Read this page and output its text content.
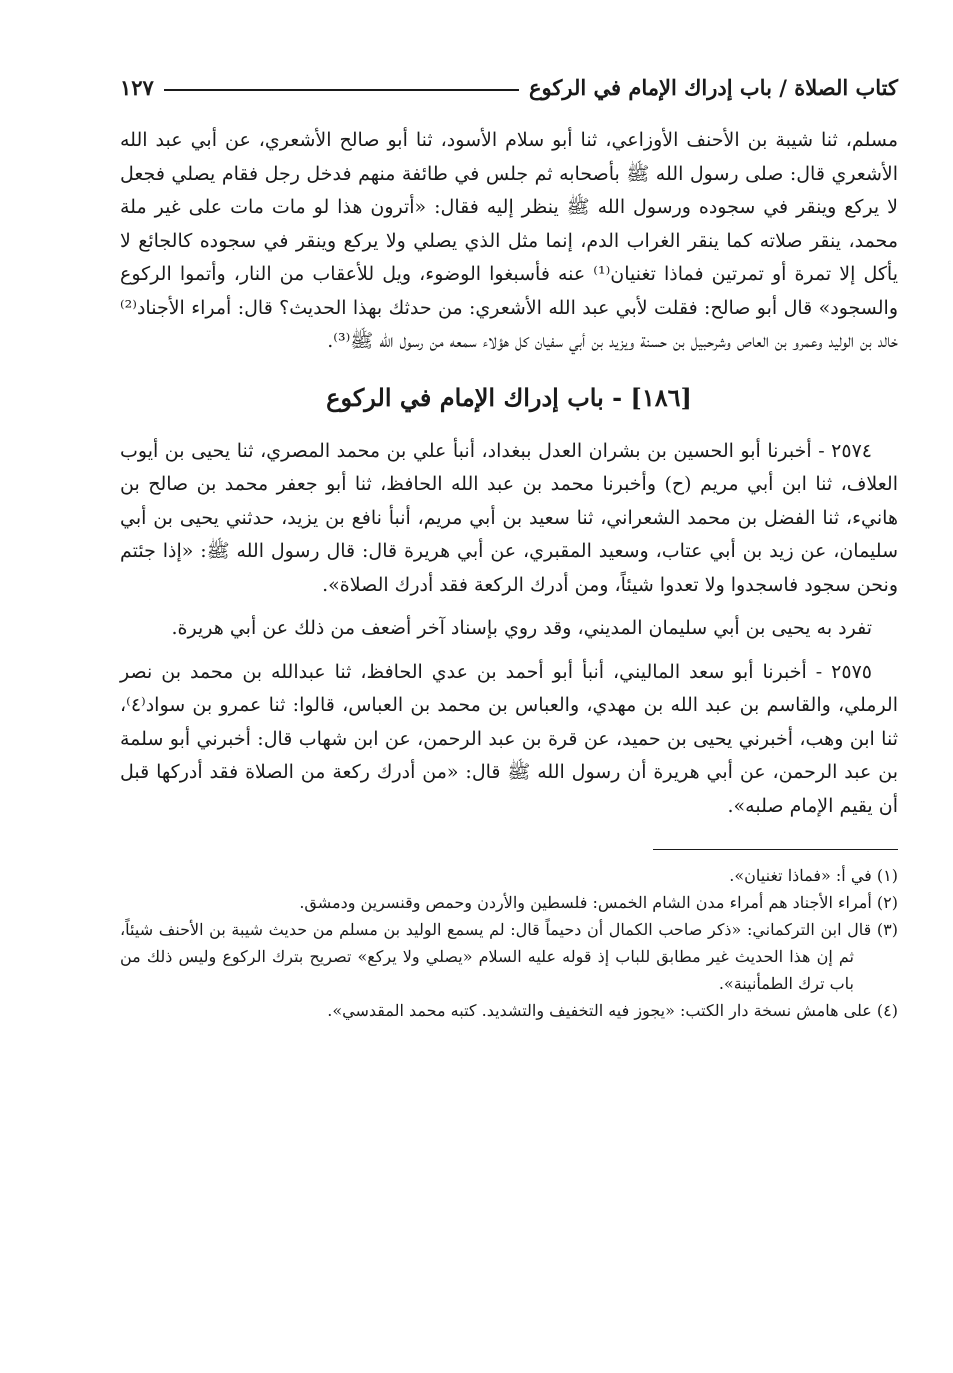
كتاب الصلاة / باب إدراك الإمام في الركوع
١٢٧

مسلم، ثنا شيبة بن الأحنف الأوزاعي، ثنا أبو سلام الأسود، ثنا أبو صالح الأشعري، عن أبي عبد الله الأشعري قال: صلى رسول الله ﷺ بأصحابه ثم جلس في طائفة منهم فدخل رجل فقام يصلي فجعل لا يركع وينقر في سجوده ورسول الله ﷺ ينظر إليه فقال: «أترون هذا لو مات مات على غير ملة محمد، ينقر صلاته كما ينقر الغراب الدم، إنما مثل الذي يصلي ولا يركع وينقر في سجوده كالجائع لا يأكل إلا تمرة أو تمرتين فماذا تغنيان⁽¹⁾ عنه فأسبغوا الوضوء، ويل للأعقاب من النار، وأتموا الركوع والسجود» قال أبو صالح: فقلت لأبي عبد الله الأشعري: من حدثك بهذا الحديث؟ قال: أمراء الأجناد⁽²⁾ خالد بن الوليد وعمرو بن العاص وشرحبيل بن حسنة ويزيد بن أبي سفيان كل هؤلاء سمعه من رسول الله ﷺ⁽³⁾.

[١٨٦] - باب إدراك الإمام في الركوع

٢٥٧٤ - أخبرنا أبو الحسين بن بشران العدل ببغداد، أنبأ علي بن محمد المصري، ثنا يحيى بن أيوب العلاف، ثنا ابن أبي مريم (ح) وأخبرنا محمد بن عبد الله الحافظ، ثنا أبو جعفر محمد بن صالح بن هانيء، ثنا الفضل بن محمد الشعراني، ثنا سعيد بن أبي مريم، أنبأ نافع بن يزيد، حدثني يحيى بن أبي سليمان، عن زيد بن أبي عتاب، وسعيد المقبري، عن أبي هريرة قال: قال رسول الله ﷺ: «إذا جئتم ونحن سجود فاسجدوا ولا تعدوا شيئاً، ومن أدرك الركعة فقد أدرك الصلاة».

تفرد به يحيى بن أبي سليمان المديني، وقد روي بإسناد آخر أضعف من ذلك عن أبي هريرة.

٢٥٧٥ - أخبرنا أبو سعد الماليني، أنبأ أبو أحمد بن عدي الحافظ، ثنا عبدالله بن محمد بن نصر الرملي، والقاسم بن عبد الله بن مهدي، والعباس بن محمد بن العباس، قالوا: ثنا عمرو بن سواد⁽٤⁾، ثنا ابن وهب، أخبرني يحيى بن حميد، عن قرة بن عبد الرحمن، عن ابن شهاب قال: أخبرني أبو سلمة بن عبد الرحمن، عن أبي هريرة أن رسول الله ﷺ قال: «من أدرك ركعة من الصلاة فقد أدركها قبل أن يقيم الإمام صلبه».

(١) في أ: «فماذا تغنيان».
(٢) أمراء الأجناد هم أمراء مدن الشام الخمس: فلسطين والأردن وحمص وقنسرين ودمشق.
(٣) قال ابن التركماني: «ذكر صاحب الكمال أن دحيماً قال: لم يسمع الوليد بن مسلم من حديث شيبة بن الأحنف شيئاً، ثم إن هذا الحديث غير مطابق للباب إذ قوله عليه السلام «يصلي ولا يركع» تصريح بترك الركوع وليس ذلك من باب ترك الطمأنينة».
(٤) على هامش نسخة دار الكتب: «يجوز فيه التخفيف والتشديد. كتبه محمد المقدسي».
